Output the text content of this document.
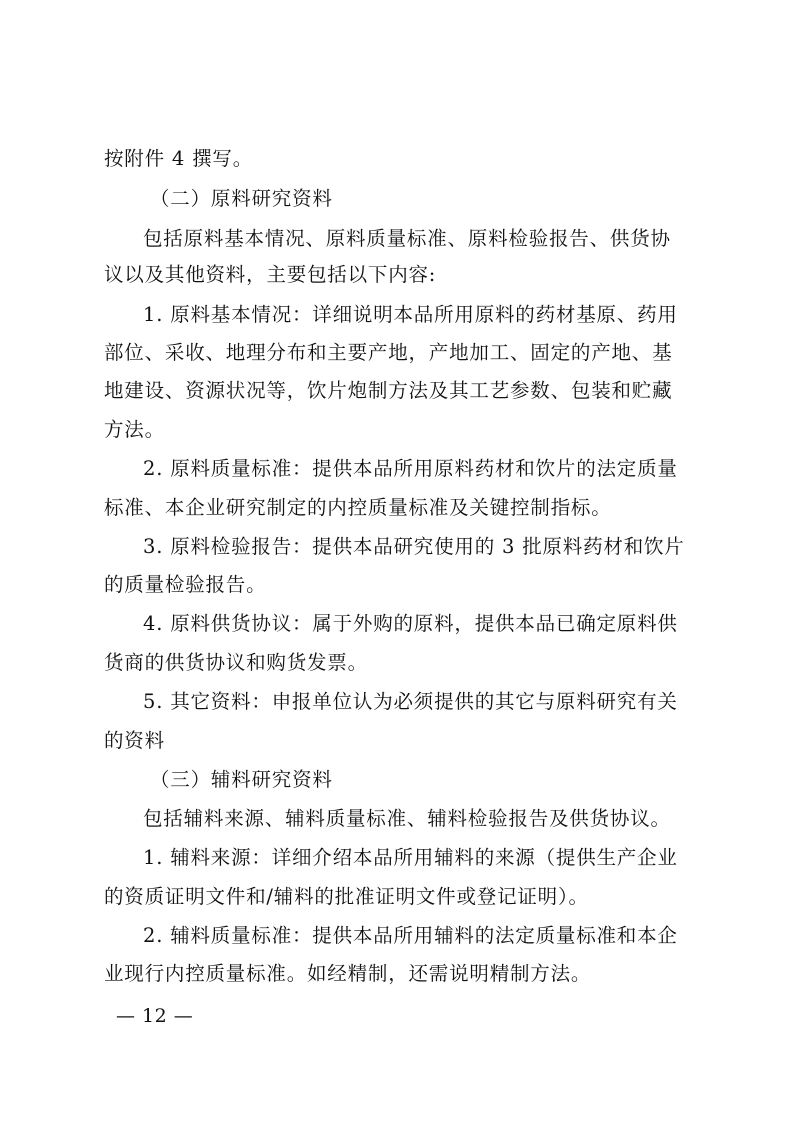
按附件 4 撰写。
（二）原料研究资料
包括原料基本情况、原料质量标准、原料检验报告、供货协
议以及其他资料，主要包括以下内容:
1. 原料基本情况：详细说明本品所用原料的药材基原、药用
部位、采收、地理分布和主要产地，产地加工、固定的产地、基
地建设、资源状况等，饮片炮制方法及其工艺参数、包装和贮藏
方法。
2. 原料质量标准：提供本品所用原料药材和饮片的法定质量
标准、本企业研究制定的内控质量标准及关键控制指标。
3. 原料检验报告：提供本品研究使用的 3 批原料药材和饮片
的质量检验报告。
4. 原料供货协议：属于外购的原料，提供本品已确定原料供
货商的供货协议和购货发票。
5. 其它资料：申报单位认为必须提供的其它与原料研究有关
的资料
（三）辅料研究资料
包括辅料来源、辅料质量标准、辅料检验报告及供货协议。
1. 辅料来源：详细介绍本品所用辅料的来源（提供生产企业
的资质证明文件和/辅料的批准证明文件或登记证明）。
2. 辅料质量标准：提供本品所用辅料的法定质量标准和本企
业现行内控质量标准。如经精制，还需说明精制方法。
— 12 —
